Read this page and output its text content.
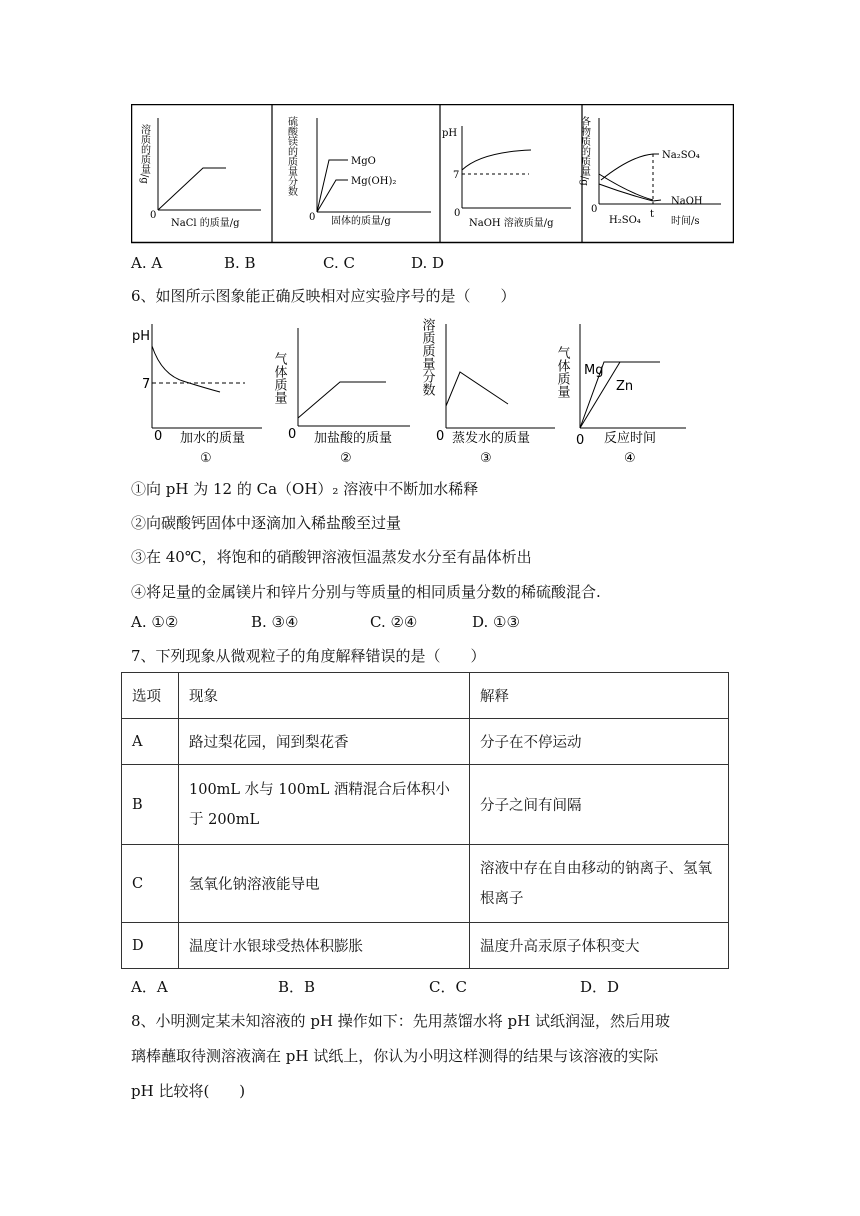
溶质的质量/g
0
NaCl 的质量/g
硫酸镁的质量分数	MgO
Mg(OH)₂
0 固体的质量/g
pH
7
0
NaOH 溶液质量/g
各物质的质量/g	Na₂SO₄
NaOH
H₂SO₄
t
0
时间/s
A. A	B. B	C. C	D. D
6、如图所示图象能正确反映相对应实验序号的是（　　）
pH
7
0 加水的质量
①
气体质量
0 加盐酸的质量
②
溶质质量分数
0 蒸发水的质量
③
气体质量 Mg
Zn
0 反应时间
④
①向 pH 为 12 的 Ca（OH）₂ 溶液中不断加水稀释
②向碳酸钙固体中逐滴加入稀盐酸至过量
③在 40℃，将饱和的硝酸钾溶液恒温蒸发水分至有晶体析出
④将足量的金属镁片和锌片分别与等质量的相同质量分数的稀硫酸混合.
A. ①②	B. ③④	C. ②④	D. ①③
7、下列现象从微观粒子的角度解释错误的是（　　）
选项	现象	解释
A	路过梨花园，闻到梨花香	分子在不停运动
B	100mL 水与 100mL 酒精混合后体积小于 200mL	分子之间有间隔
C	氢氧化钠溶液能导电	溶液中存在自由移动的钠离子、氢氧根离子
D	温度计水银球受热体积膨胀	温度升高汞原子体积变大
A．A	B．B	C．C	D．D
8、小明测定某未知溶液的 pH 操作如下：先用蒸馏水将 pH 试纸润湿，然后用玻
璃棒蘸取待测溶液滴在 pH 试纸上，你认为小明这样测得的结果与该溶液的实际
pH 比较将(　　)
